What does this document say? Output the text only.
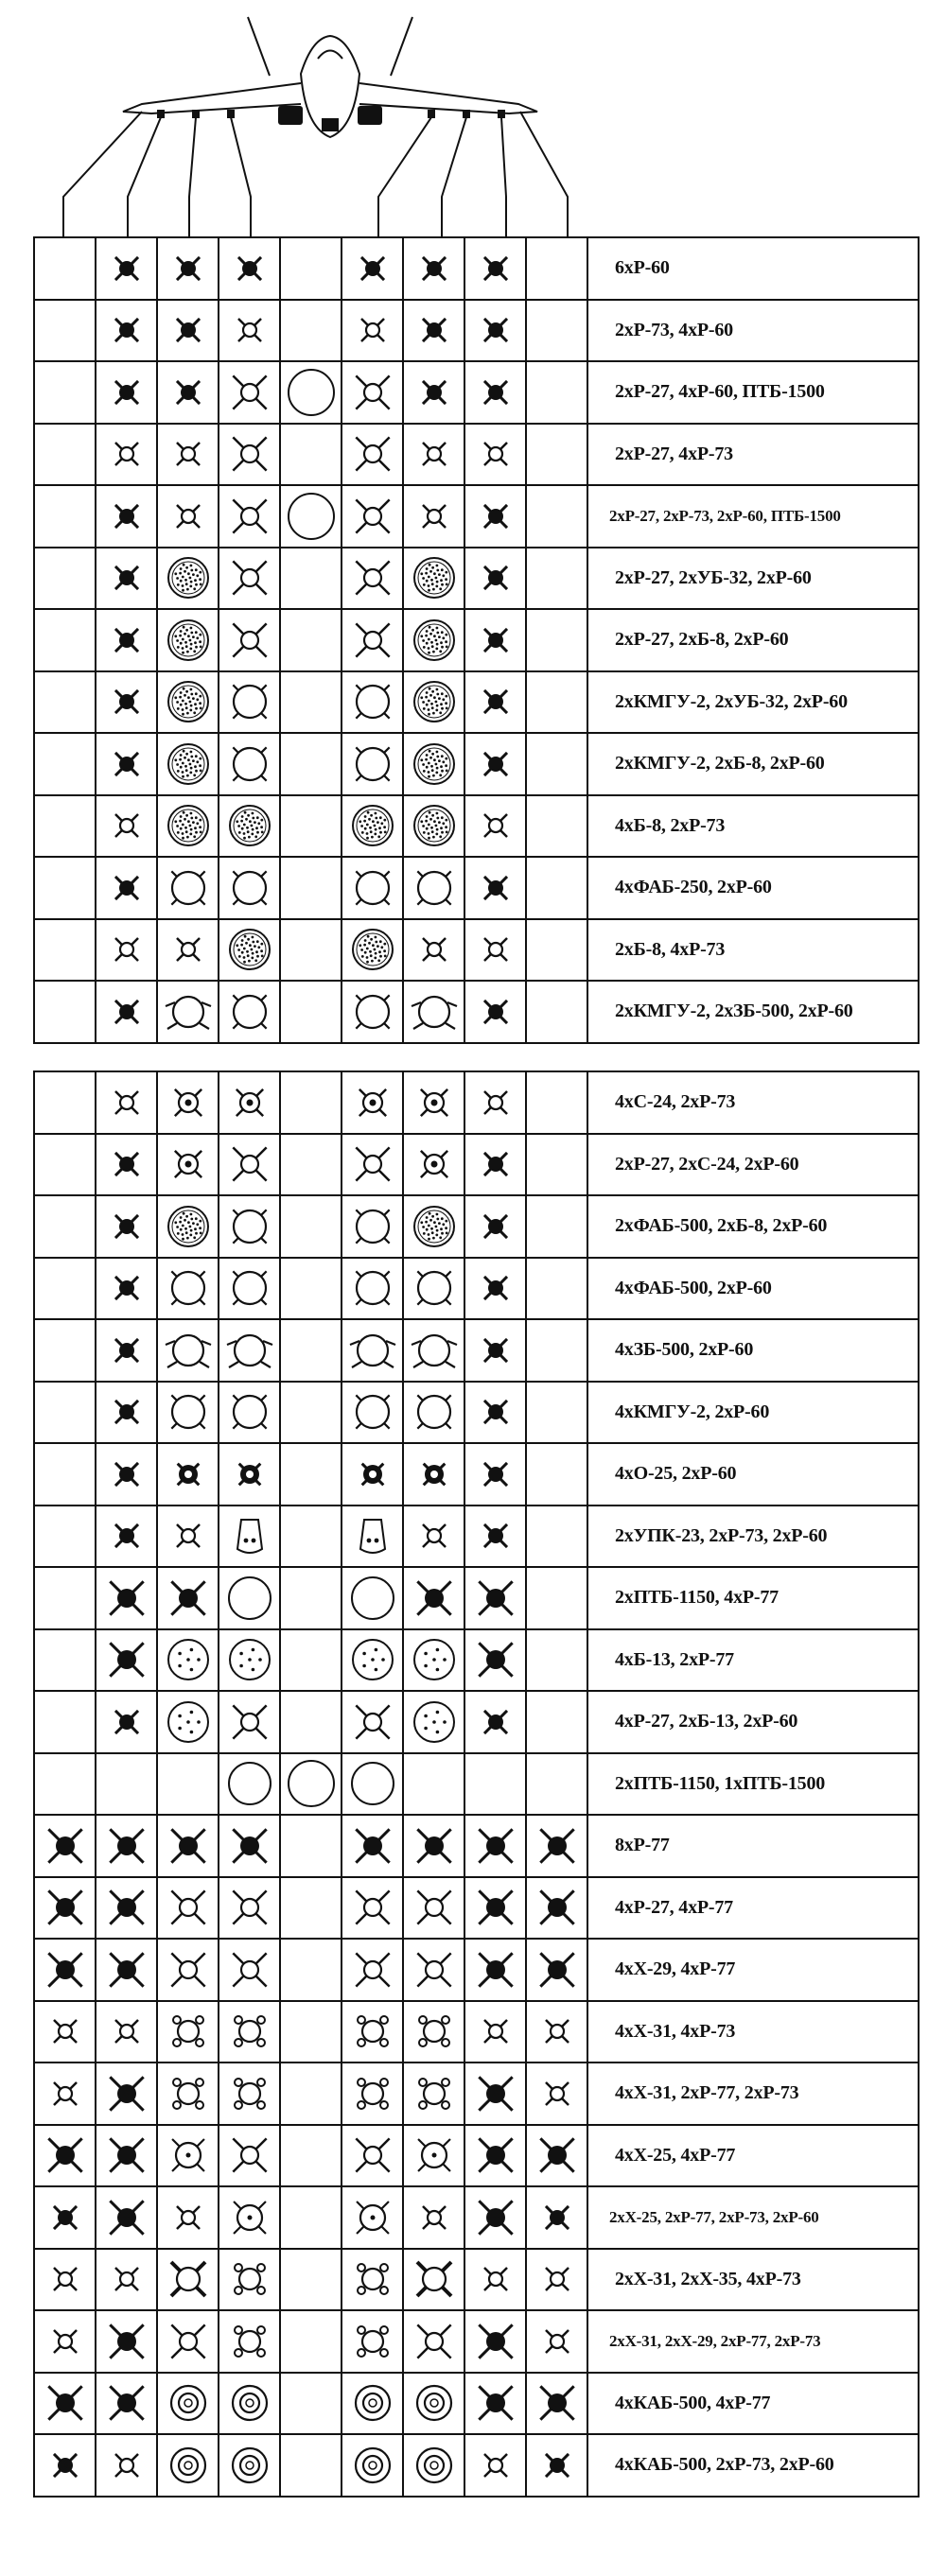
6хР-60
2хР-73, 4хР-60
2хР-27, 4хР-60, ПТБ-1500
2хР-27, 4хР-73
2хР-27, 2хР-73, 2хР-60, ПТБ-1500
2хР-27, 2хУБ-32, 2хР-60
2хР-27, 2хБ-8, 2хР-60
2хКМГУ-2, 2хУБ-32, 2хР-60
2хКМГУ-2, 2хБ-8, 2хР-60
4хБ-8, 2хР-73
4хФАБ-250, 2хР-60
2хБ-8, 4хР-73
2хКМГУ-2, 2хЗБ-500, 2хР-60
4хС-24, 2хР-73
2хР-27, 2хС-24, 2хР-60
2хФАБ-500, 2хБ-8, 2хР-60
4хФАБ-500, 2хР-60
4хЗБ-500, 2хР-60
4хКМГУ-2, 2хР-60
4хО-25, 2хР-60
2хУПК-23, 2хР-73, 2хР-60
2хПТБ-1150, 4хР-77
4хБ-13, 2хР-77
4хР-27, 2хБ-13, 2хР-60
2хПТБ-1150, 1хПТБ-1500
8хР-77
4хР-27, 4хР-77
4хХ-29, 4хР-77
4хХ-31, 4хР-73
4хХ-31, 2хР-77, 2хР-73
4хХ-25, 4хР-77
2хХ-25, 2хР-77, 2хР-73, 2хР-60
2хХ-31, 2хХ-35, 4хР-73
2хХ-31, 2хХ-29, 2хР-77, 2хР-73
4хКАБ-500, 4хР-77
4хКАБ-500, 2хР-73, 2хР-60
